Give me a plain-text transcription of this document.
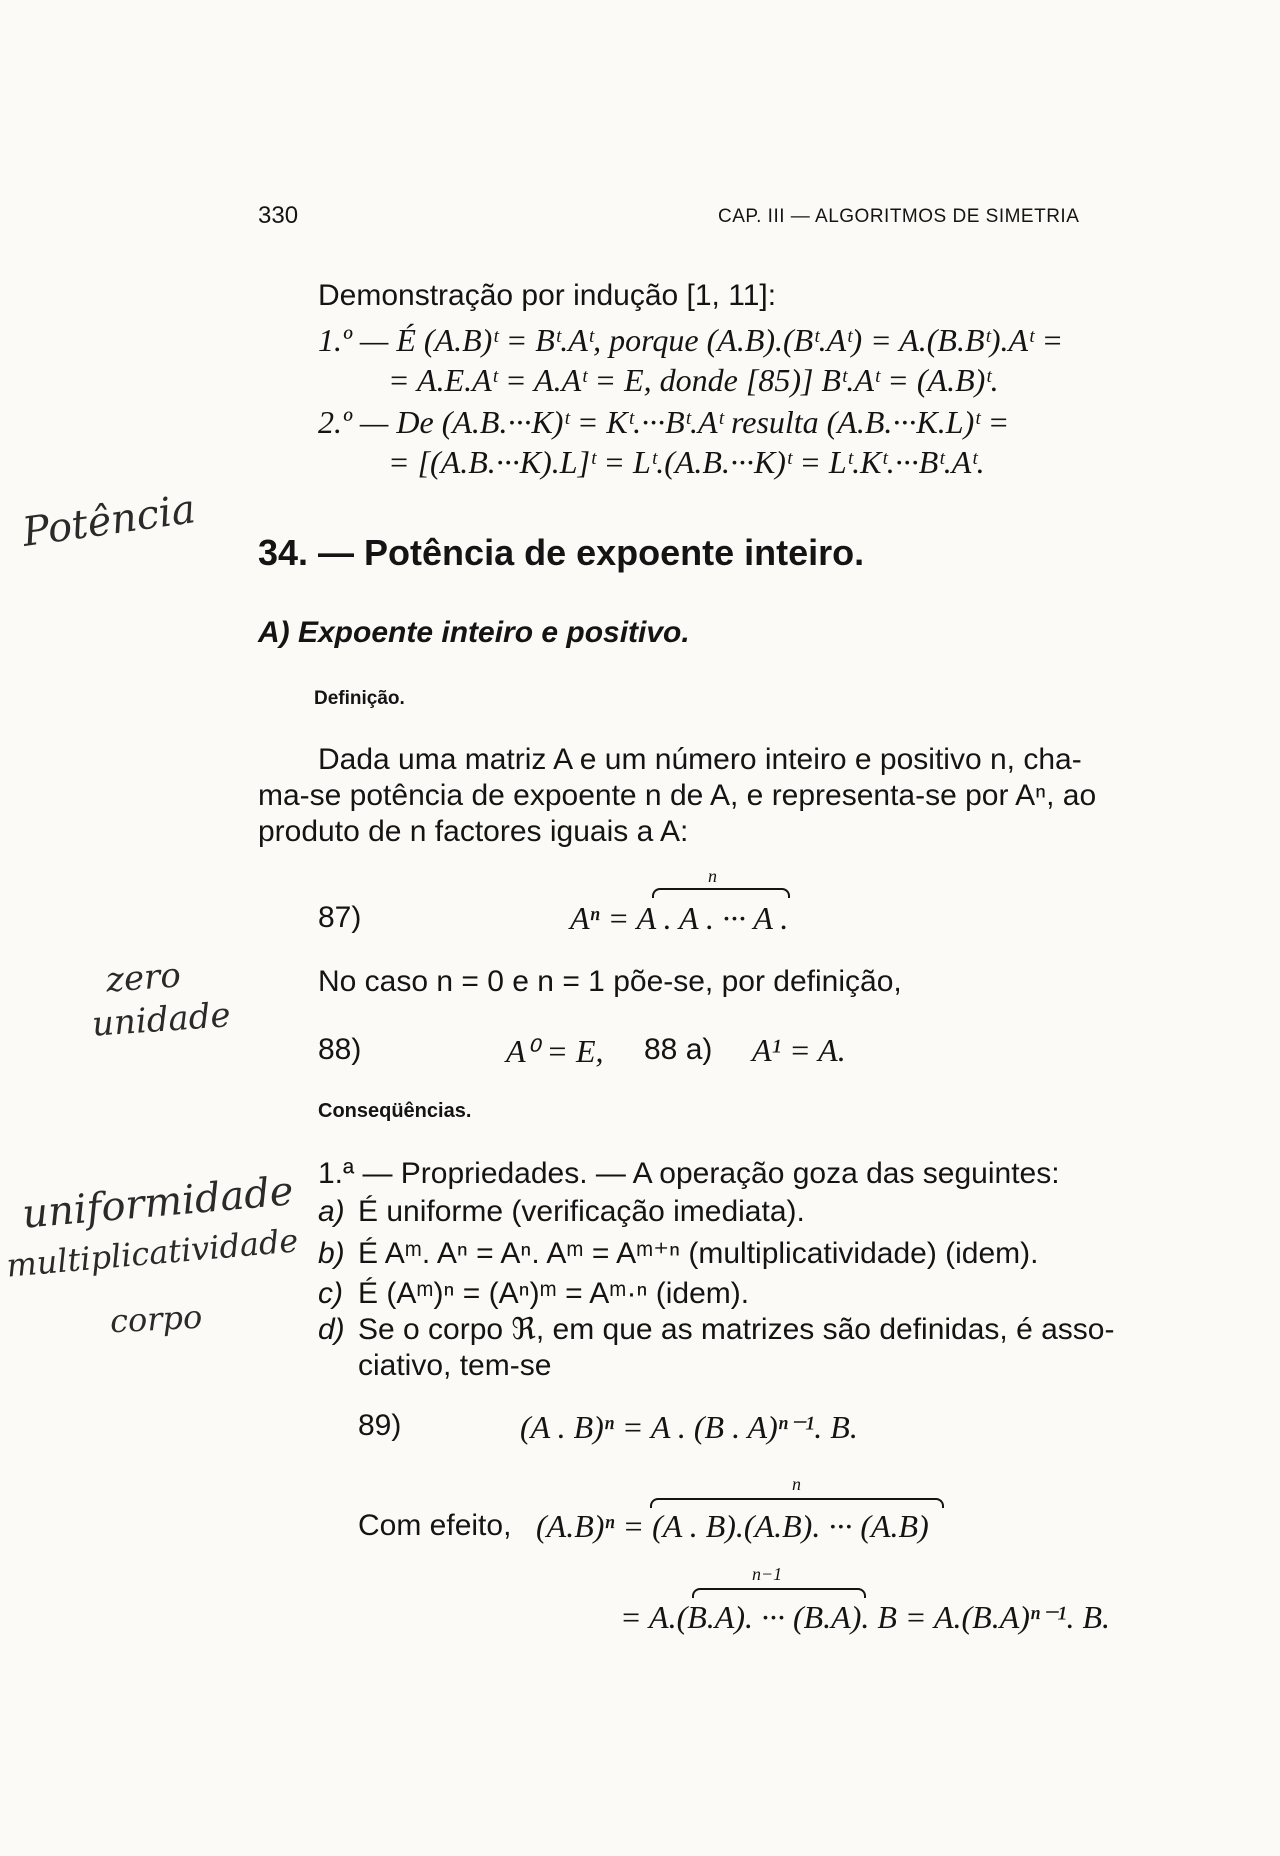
330	CAP. III — ALGORITMOS DE SIMETRIA
Demonstração por indução [1, 11]:
1.º — É (A.B)ᵗ = Bᵗ.Aᵗ, porque (A.B).(Bᵗ.Aᵗ) = A.(B.Bᵗ).Aᵗ =
= A.E.Aᵗ = A.Aᵗ = E, donde [85)] Bᵗ.Aᵗ = (A.B)ᵗ.
2.º — De (A.B.···K)ᵗ = Kᵗ.···Bᵗ.Aᵗ resulta (A.B.···K.L)ᵗ =
= [(A.B.···K).L]ᵗ = Lᵗ.(A.B.···K)ᵗ = Lᵗ.Kᵗ.···Bᵗ.Aᵗ.
34. — Potência de expoente inteiro.
A) Expoente inteiro e positivo.
Definição.
Dada uma matriz A e um número inteiro e positivo n, cha-
ma-se potência de expoente n de A, e representa-se por Aⁿ, ao
produto de n factores iguais a A:
87)
n
Aⁿ = A . A . ··· A .
No caso n = 0 e n = 1 põe-se, por definição,
88)	A⁰ = E, 88 a) A¹ = A.
Conseqüências.
1.ª — Propriedades. — A operação goza das seguintes:
a) É uniforme (verificação imediata).
b) É Aᵐ. Aⁿ = Aⁿ. Aᵐ = Aᵐ⁺ⁿ (multiplicatividade) (idem).
c) É (Aᵐ)ⁿ = (Aⁿ)ᵐ = Aᵐ·ⁿ (idem).
d) Se o corpo ℜ, em que as matrizes são definidas, é asso-
ciativo, tem-se
89)	(A . B)ⁿ = A . (B . A)ⁿ⁻¹. B.
Com efeito,
n
(A.B)ⁿ = (A . B).(A.B). ··· (A.B)
n−1
= A.(B.A). ··· (B.A). B = A.(B.A)ⁿ⁻¹. B.
Potência
zero
unidade
uniformidade
multiplicatividade
corpo
